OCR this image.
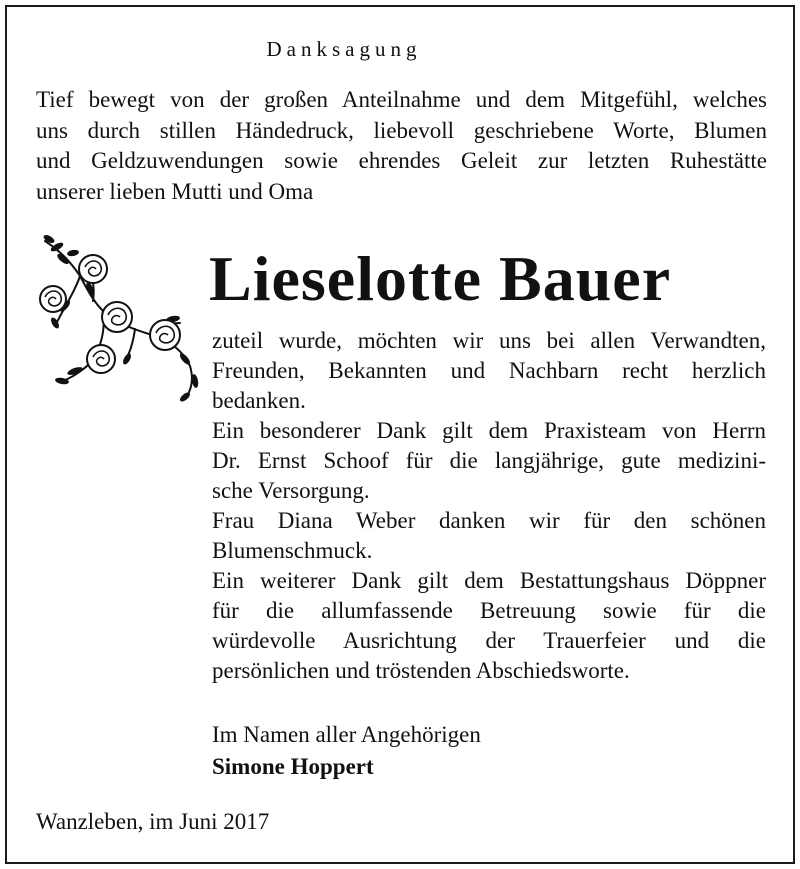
Danksagung
Tief bewegt von der großen Anteilnahme und dem Mitgefühl, welches
uns durch stillen Händedruck, liebevoll geschriebene Worte, Blumen
und Geldzuwendungen sowie ehrendes Geleit zur letzten Ruhestätte
unserer lieben Mutti und Oma
Lieselotte Bauer
zuteil wurde, möchten wir uns bei allen Verwandten,
Freunden, Bekannten und Nachbarn recht herzlich
bedanken.
Ein besonderer Dank gilt dem Praxisteam von Herrn
Dr. Ernst Schoof für die langjährige, gute medizini-
sche Versorgung.
Frau Diana Weber danken wir für den schönen
Blumenschmuck.
Ein weiterer Dank gilt dem Bestattungshaus Döppner
für die allumfassende Betreuung sowie für die
würdevolle Ausrichtung der Trauerfeier und die
persönlichen und tröstenden Abschiedsworte.
Im Namen aller Angehörigen
Simone Hoppert
Wanzleben, im Juni 2017
